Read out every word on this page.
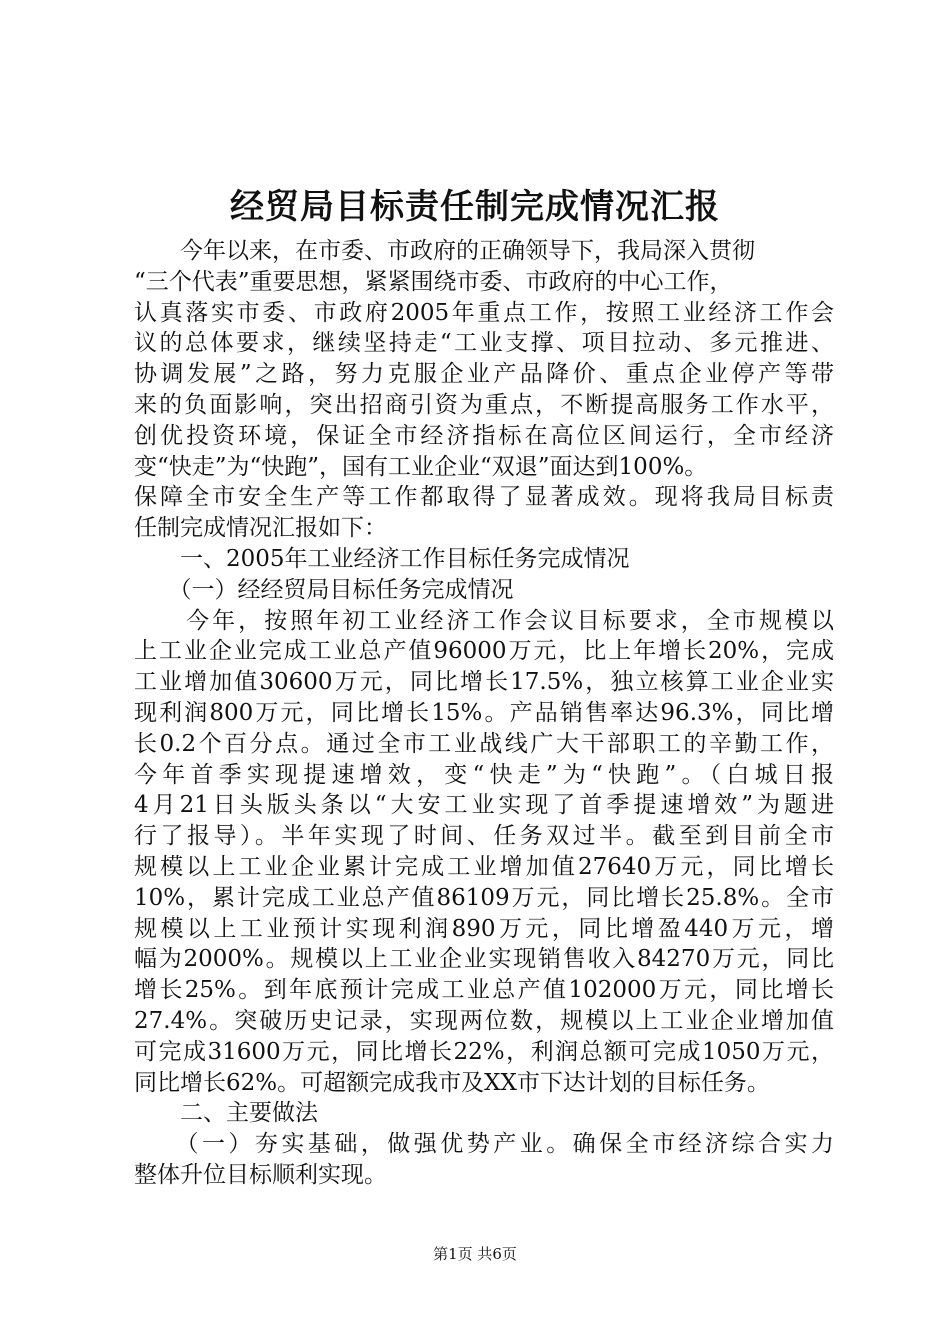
经贸局目标责任制完成情况汇报
　　今年以来，在市委、市政府的正确领导下，我局深入贯彻
“三个代表”重要思想，紧紧围绕市委、市政府的中心工作，
认真落实市委、市政府2005年重点工作，按照工业经济工作会
议的总体要求，继续坚持走“工业支撑、项目拉动、多元推进、
协调发展”之路，努力克服企业产品降价、重点企业停产等带
来的负面影响，突出招商引资为重点，不断提高服务工作水平，
创优投资环境，保证全市经济指标在高位区间运行，全市经济
变“快走”为“快跑”，国有工业企业“双退”面达到100%。
保障全市安全生产等工作都取得了显著成效。现将我局目标责
任制完成情况汇报如下：
　　一、2005年工业经济工作目标任务完成情况
　　（一）经经贸局目标任务完成情况
　　今年，按照年初工业经济工作会议目标要求，全市规模以
上工业企业完成工业总产值96000万元，比上年增长20%，完成
工业增加值30600万元，同比增长17.5%，独立核算工业企业实
现利润800万元，同比增长15%。产品销售率达96.3%，同比增
长0.2个百分点。通过全市工业战线广大干部职工的辛勤工作，
今年首季实现提速增效，变“快走”为“快跑”。（白城日报
4月21日头版头条以“大安工业实现了首季提速增效”为题进
行了报导）。半年实现了时间、任务双过半。截至到目前全市
规模以上工业企业累计完成工业增加值27640万元，同比增长
10%，累计完成工业总产值86109万元，同比增长25.8%。全市
规模以上工业预计实现利润890万元，同比增盈440万元，增
幅为2000%。规模以上工业企业实现销售收入84270万元，同比
增长25%。到年底预计完成工业总产值102000万元，同比增长
27.4%。突破历史记录，实现两位数，规模以上工业企业增加值
可完成31600万元，同比增长22%，利润总额可完成1050万元，
同比增长62%。可超额完成我市及XX市下达计划的目标任务。
　　二、主要做法
　　（一）夯实基础，做强优势产业。确保全市经济综合实力
整体升位目标顺利实现。
第1页 共6页
